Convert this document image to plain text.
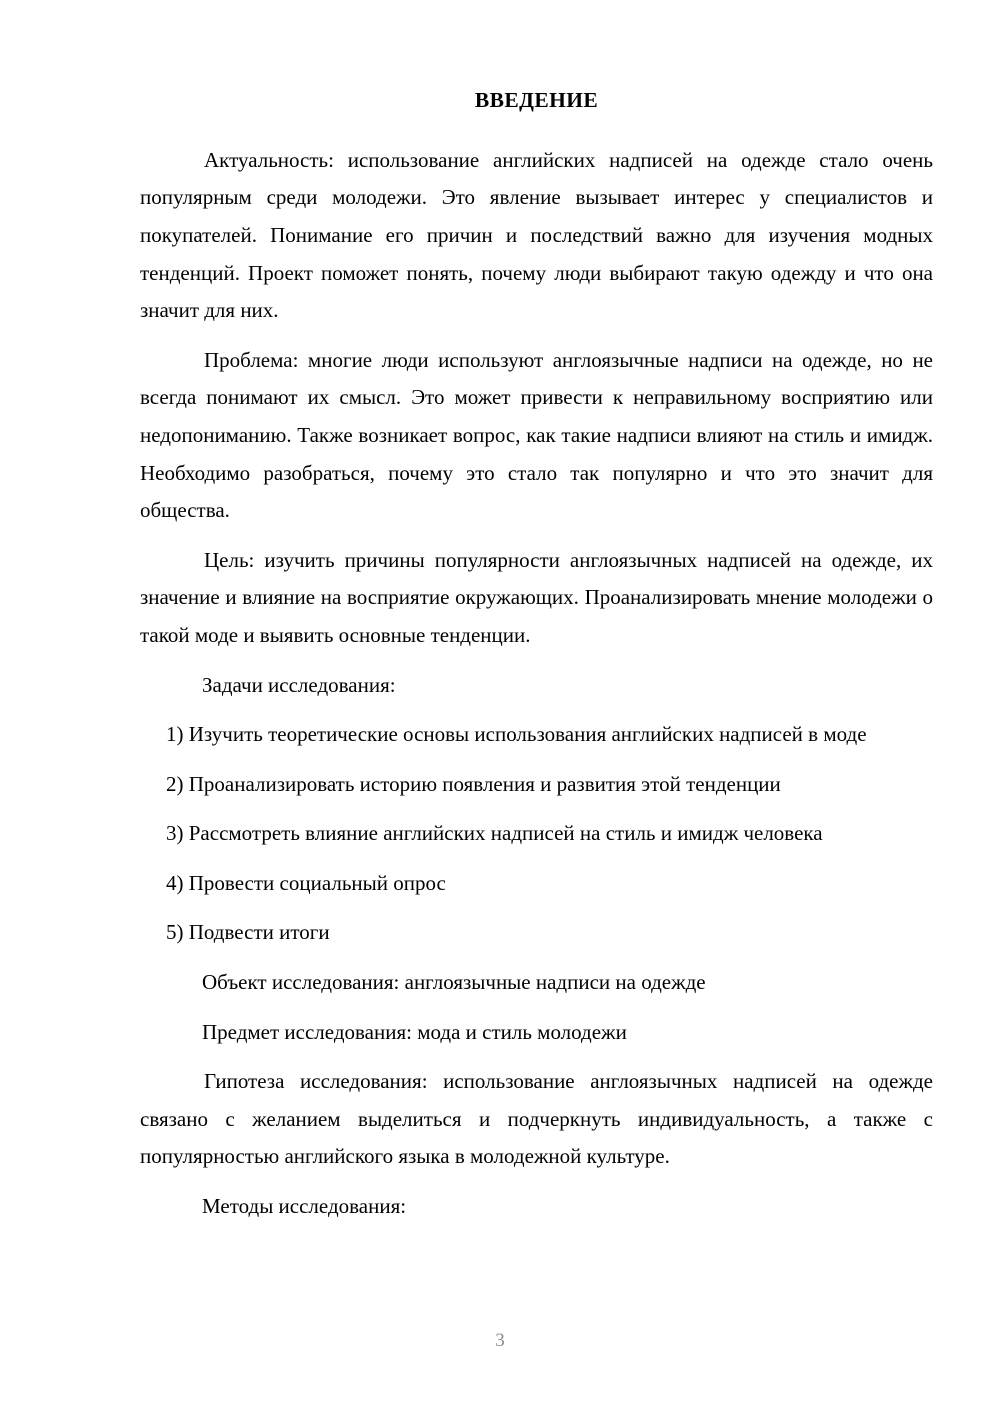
ВВЕДЕНИЕ

Актуальность: использование английских надписей на одежде стало очень популярным среди молодежи. Это явление вызывает интерес у специалистов и покупателей. Понимание его причин и последствий важно для изучения модных тенденций. Проект поможет понять, почему люди выбирают такую одежду и что она значит для них.

Проблема: многие люди используют англоязычные надписи на одежде, но не всегда понимают их смысл. Это может привести к неправильному восприятию или недопониманию. Также возникает вопрос, как такие надписи влияют на стиль и имидж. Необходимо разобраться, почему это стало так популярно и что это значит для общества.

Цель: изучить причины популярности англоязычных надписей на одежде, их значение и влияние на восприятие окружающих. Проанализировать мнение молодежи о такой моде и выявить основные тенденции.

Задачи исследования:

1) Изучить теоретические основы использования английских надписей в моде

2) Проанализировать историю появления и развития этой тенденции

3) Рассмотреть влияние английских надписей на стиль и имидж человека

4) Провести социальный опрос

5) Подвести итоги

Объект исследования: англоязычные надписи на одежде

Предмет исследования: мода и стиль молодежи

Гипотеза исследования: использование англоязычных надписей на одежде связано с желанием выделиться и подчеркнуть индивидуальность, а также с популярностью английского языка в молодежной культуре.

Методы исследования:

3
